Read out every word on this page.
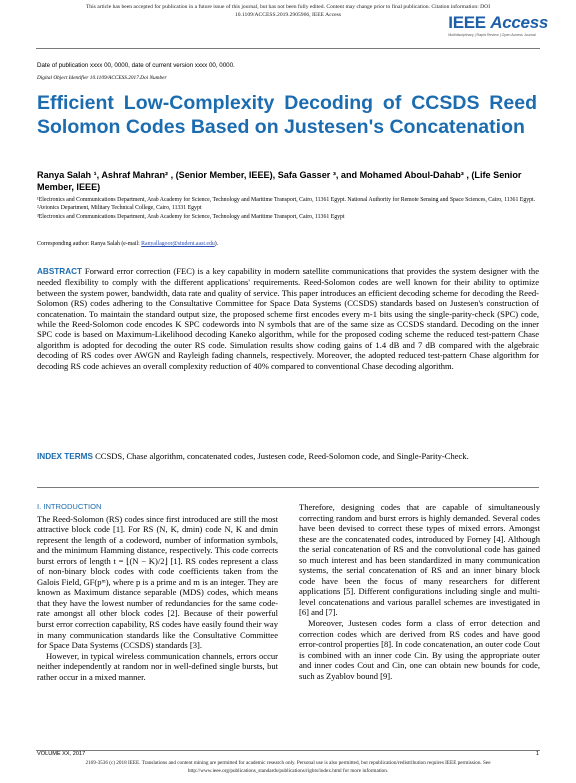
This article has been accepted for publication in a future issue of this journal, but has not been fully edited. Content may change prior to final publication. Citation information: DOI
10.1109/ACCESS.2019.2905966, IEEE Access	IEEE Access
Multidisciplinary | Rapid Review | Open Access Journal
Date of publication xxxx 00, 0000, date of current version xxxx 00, 0000.
Digital Object Identifier 10.1109/ACCESS.2017.Doi Number
Efficient Low-Complexity Decoding of CCSDS Reed Solomon Codes Based on Justesen's Concatenation
Ranya Salah ¹, Ashraf Mahran² , (Senior Member, IEEE), Safa Gasser ³, and Mohamed Aboul-Dahab³ , (Life Senior Member, IEEE)
¹Electronics and Communications Department, Arab Academy for Science, Technology and Maritime Transport, Cairo, 11361 Egypt. National Authority for Remote Sensing and Space Sciences, Cairo, 11361 Egypt.
²Avionics Department, Military Technical College, Cairo, 11331 Egypt
³Electronics and Communications Department, Arab Academy for Science, Technology and Maritime Transport, Cairo, 11361 Egypt
Corresponding author: Ranya Salah (e-mail: Ranyallagoor@student.aast.edu).
ABSTRACT Forward error correction (FEC) is a key capability in modern satellite communications that provides the system designer with the needed flexibility to comply with the different applications' requirements. Reed-Solomon codes are well known for their ability to optimize between the system power, bandwidth, data rate and quality of service. This paper introduces an efficient decoding scheme for decoding the Reed-Solomon (RS) codes adhering to the Consultative Committee for Space Data Systems (CCSDS) standards based on Justesen's construction of concatenation. To maintain the standard output size, the proposed scheme first encodes every m-1 bits using the single-parity-check (SPC) code, while the Reed-Solomon code encodes K SPC codewords into N symbols that are of the same size as CCSDS standard. Decoding on the inner SPC code is based on Maximum-Likelihood decoding Kaneko algorithm, while for the proposed coding scheme the reduced test-pattern Chase algorithm is adopted for decoding the outer RS code. Simulation results show coding gains of 1.4 dB and 7 dB compared with the algebraic decoding of RS codes over AWGN and Rayleigh fading channels, respectively. Moreover, the adopted reduced test-pattern Chase algorithm for decoding RS code achieves an overall complexity reduction of 40% compared to conventional Chase decoding algorithm.
INDEX TERMS CCSDS, Chase algorithm, concatenated codes, Justesen code, Reed-Solomon code, and Single-Parity-Check.
I. INTRODUCTION

The Reed-Solomon (RS) codes since first introduced are still the most attractive block code [1]. For RS (N, K, dmin) code N, K and dmin represent the length of a codeword, number of information symbols, and the minimum Hamming distance, respectively. This code corrects burst errors of length t = ⌊(N − K)/2⌋ [1]. RS codes represent a class of non-binary block codes with code coefficients taken from the Galois Field, GF(pᵐ), where p is a prime and m is an integer. They are known as Maximum distance separable (MDS) codes, which means that they have the lowest number of redundancies for the same code-rate amongst all other block codes [2]. Because of their powerful burst error correction capability, RS codes have easily found their way in many communication standards like the Consultative Committee for Space Data Systems (CCSDS) standards [3].

However, in typical wireless communication channels, errors occur neither independently at random nor in well-defined single bursts, but rather occur in a mixed manner.

Therefore, designing codes that are capable of simultaneously correcting random and burst errors is highly demanded. Several codes have been devised to correct these types of mixed errors. Amongst these are the concatenated codes, introduced by Forney [4]. Although the serial concatenation of RS and the convolutional code has gained so much interest and has been standardized in many communication systems, the serial concatenation of RS and an inner binary block code have been the focus of many researchers for different applications [5]. Different configurations including single and multi-level concatenations and various parallel schemes are investigated in [6] and [7].

Moreover, Justesen codes form a class of error detection and correction codes which are derived from RS codes and have good error-control properties [8]. In code concatenation, an outer code Cout is combined with an inner code Cin. By using the appropriate outer and inner codes Cout and Cin, one can obtain new bounds for code, such as Zyablov bound [9].

VOLUME XX, 2017	1
2169-3536 (c) 2018 IEEE. Translations and content mining are permitted for academic research only. Personal use is also permitted, but republication/redistribution requires IEEE permission. See
http://www.ieee.org/publications_standards/publications/rights/index.html for more information.
